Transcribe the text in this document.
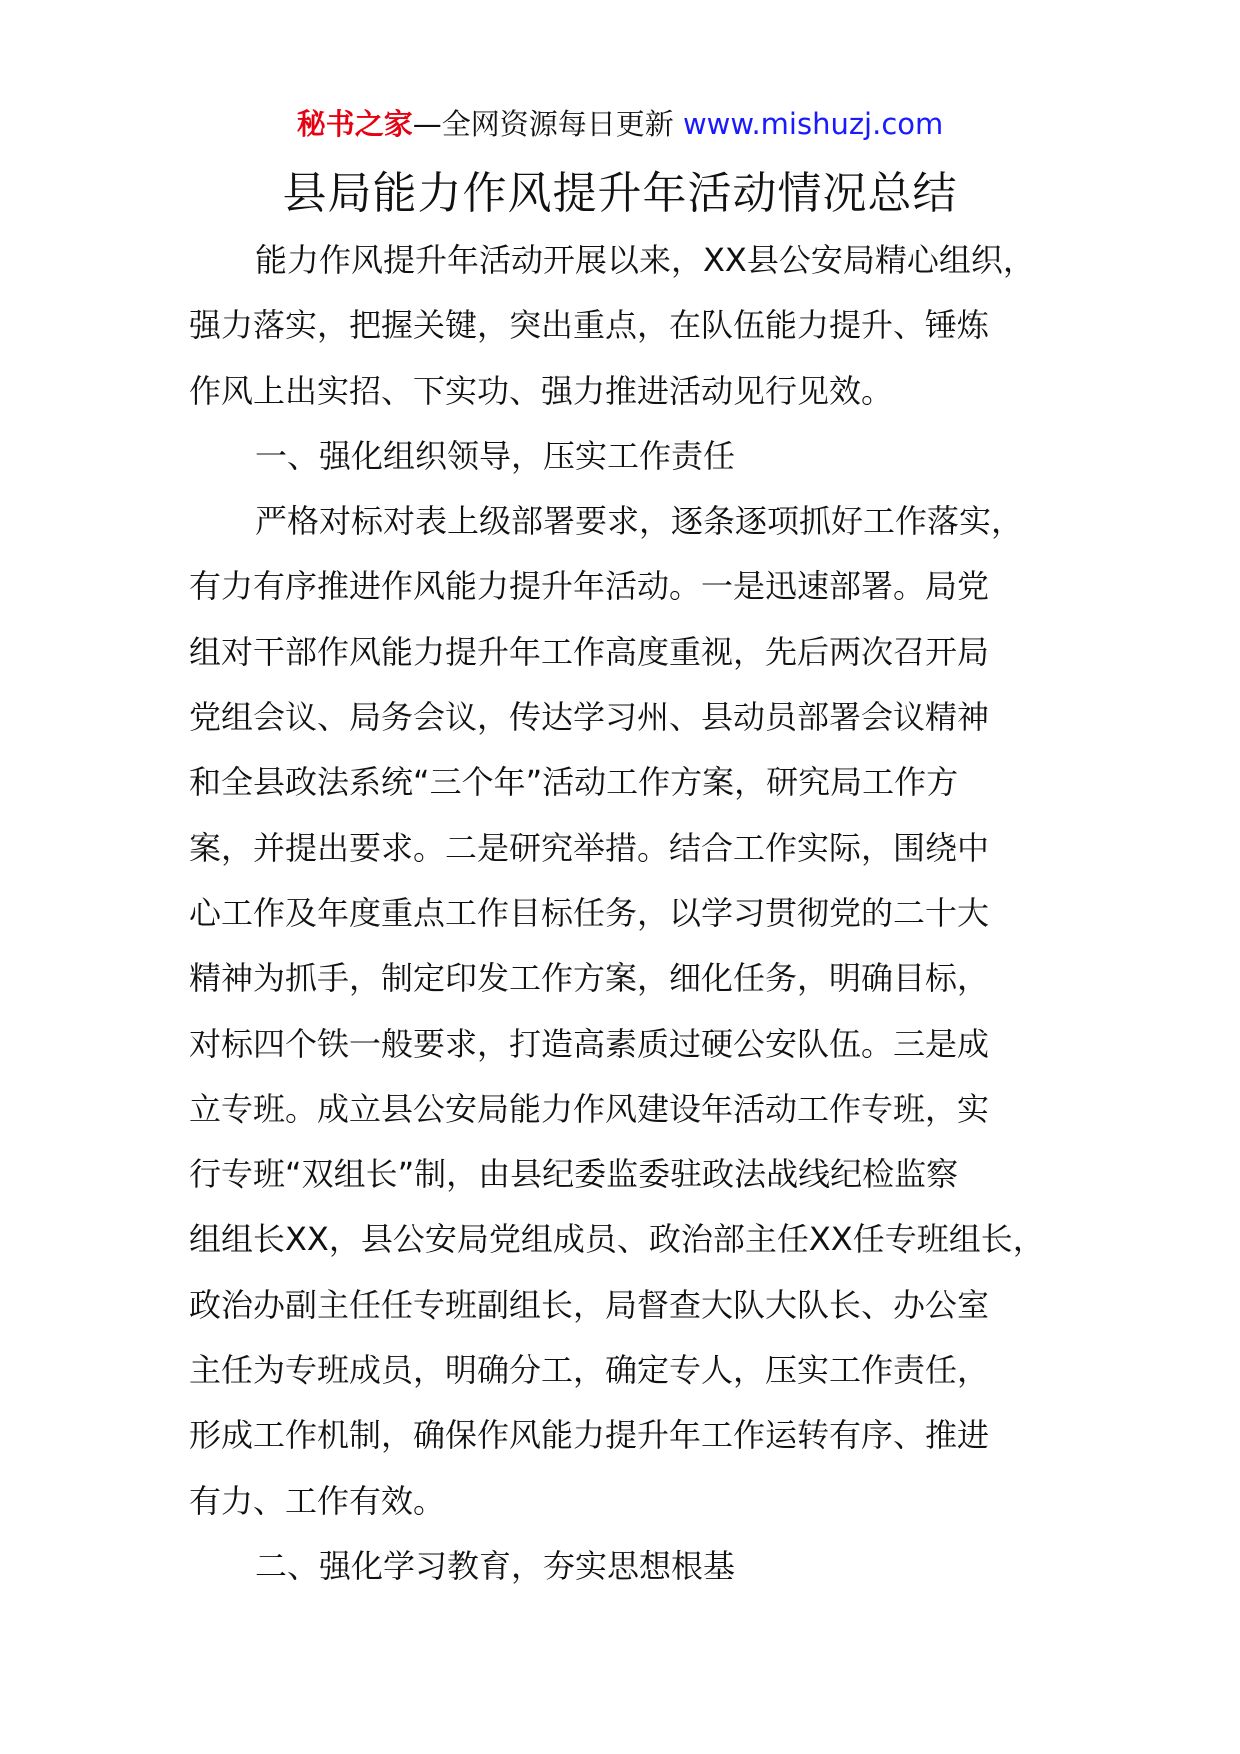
秘书之家—全网资源每日更新 www.mishuzj.com
县局能力作风提升年活动情况总结
能力作风提升年活动开展以来，XX县公安局精心组织，
强力落实，把握关键，突出重点，在队伍能力提升、锤炼
作风上出实招、下实功、强力推进活动见行见效。
一、强化组织领导，压实工作责任
严格对标对表上级部署要求，逐条逐项抓好工作落实，
有力有序推进作风能力提升年活动。一是迅速部署。局党
组对干部作风能力提升年工作高度重视，先后两次召开局
党组会议、局务会议，传达学习州、县动员部署会议精神
和全县政法系统“三个年”活动工作方案，研究局工作方
案，并提出要求。二是研究举措。结合工作实际，围绕中
心工作及年度重点工作目标任务，以学习贯彻党的二十大
精神为抓手，制定印发工作方案，细化任务，明确目标，
对标四个铁一般要求，打造高素质过硬公安队伍。三是成
立专班。成立县公安局能力作风建设年活动工作专班，实
行专班“双组长”制，由县纪委监委驻政法战线纪检监察
组组长XX，县公安局党组成员、政治部主任XX任专班组长，
政治办副主任任专班副组长，局督查大队大队长、办公室
主任为专班成员，明确分工，确定专人，压实工作责任，
形成工作机制，确保作风能力提升年工作运转有序、推进
有力、工作有效。
二、强化学习教育，夯实思想根基
